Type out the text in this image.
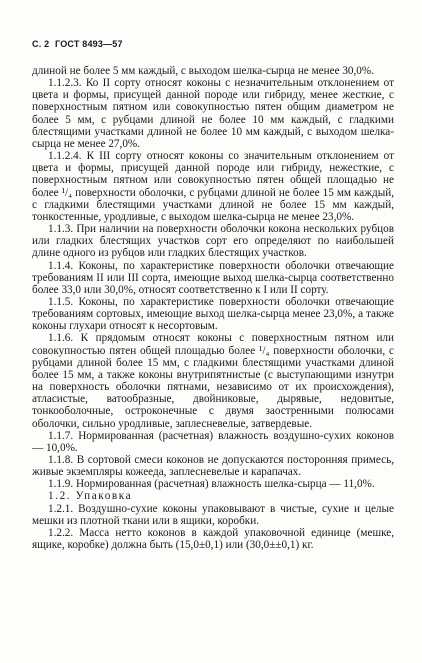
С. 2 ГОСТ 8493—57

длиной не более 5 мм каждый, с выходом шелка-сырца не менее 30,0%.

1.1.2.3. Ко II сорту относят коконы с незначительным отклонением от цвета и формы, присущей данной породе или гибриду, менее жесткие, с поверхностным пятном или совокупностью пятен общим диаметром не более 5 мм, с рубцами длиной не более 10 мм каждый, с гладкими блестящими участками длиной не более 10 мм каждый, с выходом шелка-сырца не менее 27,0%.

1.1.2.4. К III сорту относят коконы со значительным отклонением от цвета и формы, присущей данной породе или гибриду, нежесткие, с поверхностным пятном или совокупностью пятен общей площадью не более ¹/₄ поверхности оболочки, с рубцами длиной не более 15 мм каждый, с гладкими блестящими участками длиной не более 15 мм каждый, тонкостенные, уродливые, с выходом шелка-сырца не менее 23,0%.

1.1.3. При наличии на поверхности оболочки кокона нескольких рубцов или гладких блестящих участков сорт его определяют по наибольшей длине одного из рубцов или гладких блестящих участков.

1.1.4. Коконы, по характеристике поверхности оболочки отвечающие требованиям II или III сорта, имеющие выход шелка-сырца соответственно более 33,0 или 30,0%, относят соответственно к I или II сорту.

1.1.5. Коконы, по характеристике поверхности оболочки отвечающие требованиям сортовых, имеющие выход шелка-сырца менее 23,0%, а также коконы глухари относят к несортовым.

1.1.6. К прядомым относят коконы с поверхностным пятном или совокупностью пятен общей площадью более ¹/₄ поверхности оболочки, с рубцами длиной более 15 мм, с гладкими блестящими участками длиной более 15 мм, а также коконы внутрипятнистые (с выступающими изнутри на поверхность оболочки пятнами, независимо от их происхождения), атласистые, ватообразные, двойниковые, дырявые, недовитые, тонкооболочные, остроконечные с двумя заостренными полюсами оболочки, сильно уродливые, заплесневелые, затвердевые.

1.1.7. Нормированная (расчетная) влажность воздушно-сухих коконов — 10,0%.

1.1.8. В сортовой смеси коконов не допускаются посторонняя примесь, живые экземпляры кожееда, заплесневелые и карапачах.

1.1.9. Нормированная (расчетная) влажность шелка-сырца — 11,0%.

1.2. Упаковка

1.2.1. Воздушно-сухие коконы упаковывают в чистые, сухие и целые мешки из плотной ткани или в ящики, коробки.

1.2.2. Масса нетто коконов в каждой упаковочной единице (мешке, ящике, коробке) должна быть (15,0±0,1) или (30,0±±0,1) кг.
